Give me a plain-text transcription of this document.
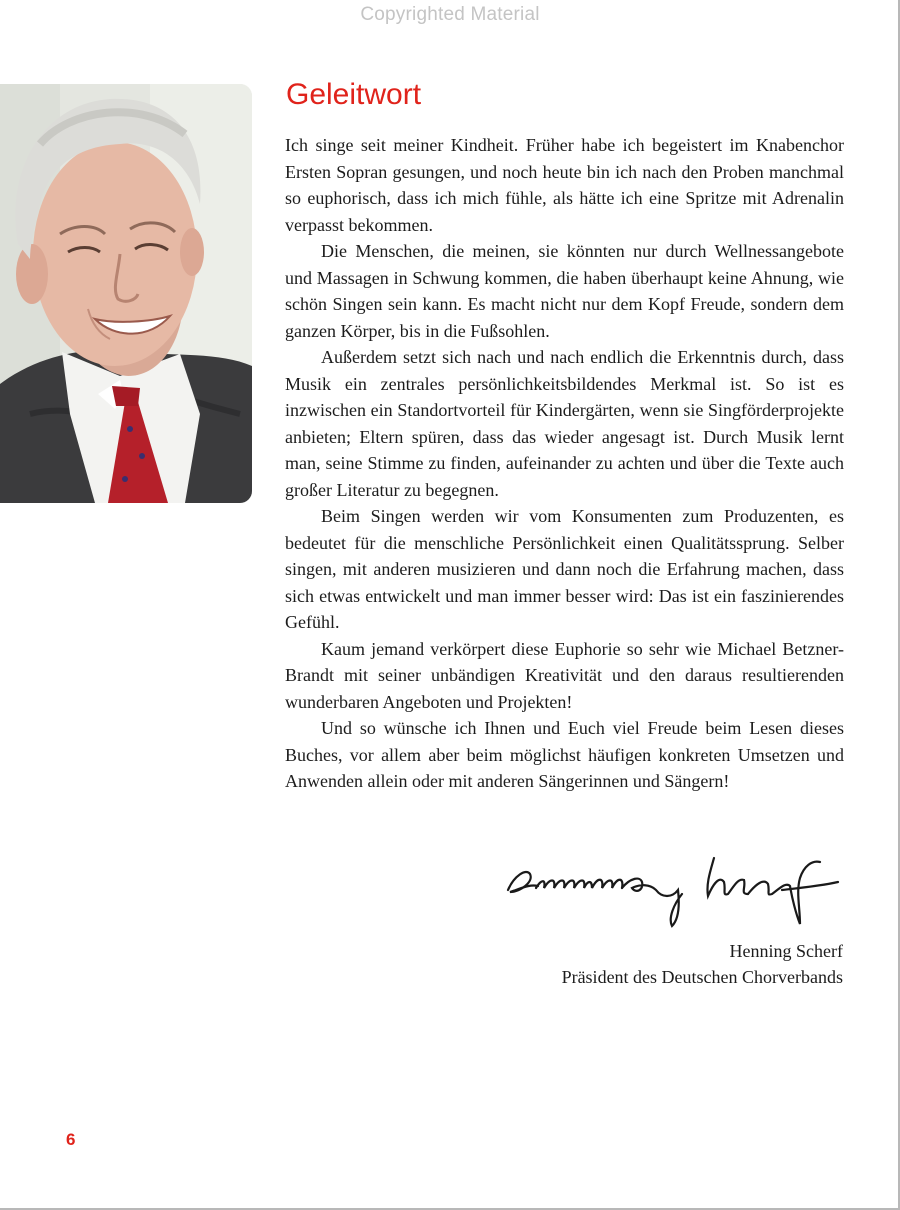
Copyrighted Material
Geleitwort

Ich singe seit meiner Kindheit. Früher habe ich begeistert im Knabenchor Ersten Sopran gesungen, und noch heute bin ich nach den Proben manchmal so euphorisch, dass ich mich fühle, als hätte ich eine Spritze mit Adrenalin verpasst bekommen.

Die Menschen, die meinen, sie könnten nur durch Wellnessangebote und Massagen in Schwung kommen, die haben überhaupt keine Ahnung, wie schön Singen sein kann. Es macht nicht nur dem Kopf Freude, sondern dem ganzen Körper, bis in die Fußsohlen.

Außerdem setzt sich nach und nach endlich die Erkenntnis durch, dass Musik ein zentrales persönlichkeitsbildendes Merkmal ist. So ist es inzwischen ein Standortvorteil für Kindergärten, wenn sie Singförderprojekte anbieten; Eltern spüren, dass das wieder angesagt ist. Durch Musik lernt man, seine Stimme zu finden, aufeinander zu achten und über die Texte auch großer Literatur zu begegnen.

Beim Singen werden wir vom Konsumenten zum Produzenten, es bedeutet für die menschliche Persönlichkeit einen Qualitätssprung. Selber singen, mit anderen musizieren und dann noch die Erfahrung machen, dass sich etwas entwickelt und man immer besser wird: Das ist ein faszinierendes Gefühl.

Kaum jemand verkörpert diese Euphorie so sehr wie Michael Betzner-Brandt mit seiner unbändigen Kreativität und den daraus resultierenden wunderbaren Angeboten und Projekten!

Und so wünsche ich Ihnen und Euch viel Freude beim Lesen dieses Buches, vor allem aber beim möglichst häufigen konkreten Umsetzen und Anwenden allein oder mit anderen Sängerinnen und Sängern!

Henning Scherf
Präsident des Deutschen Chorverbands
6
